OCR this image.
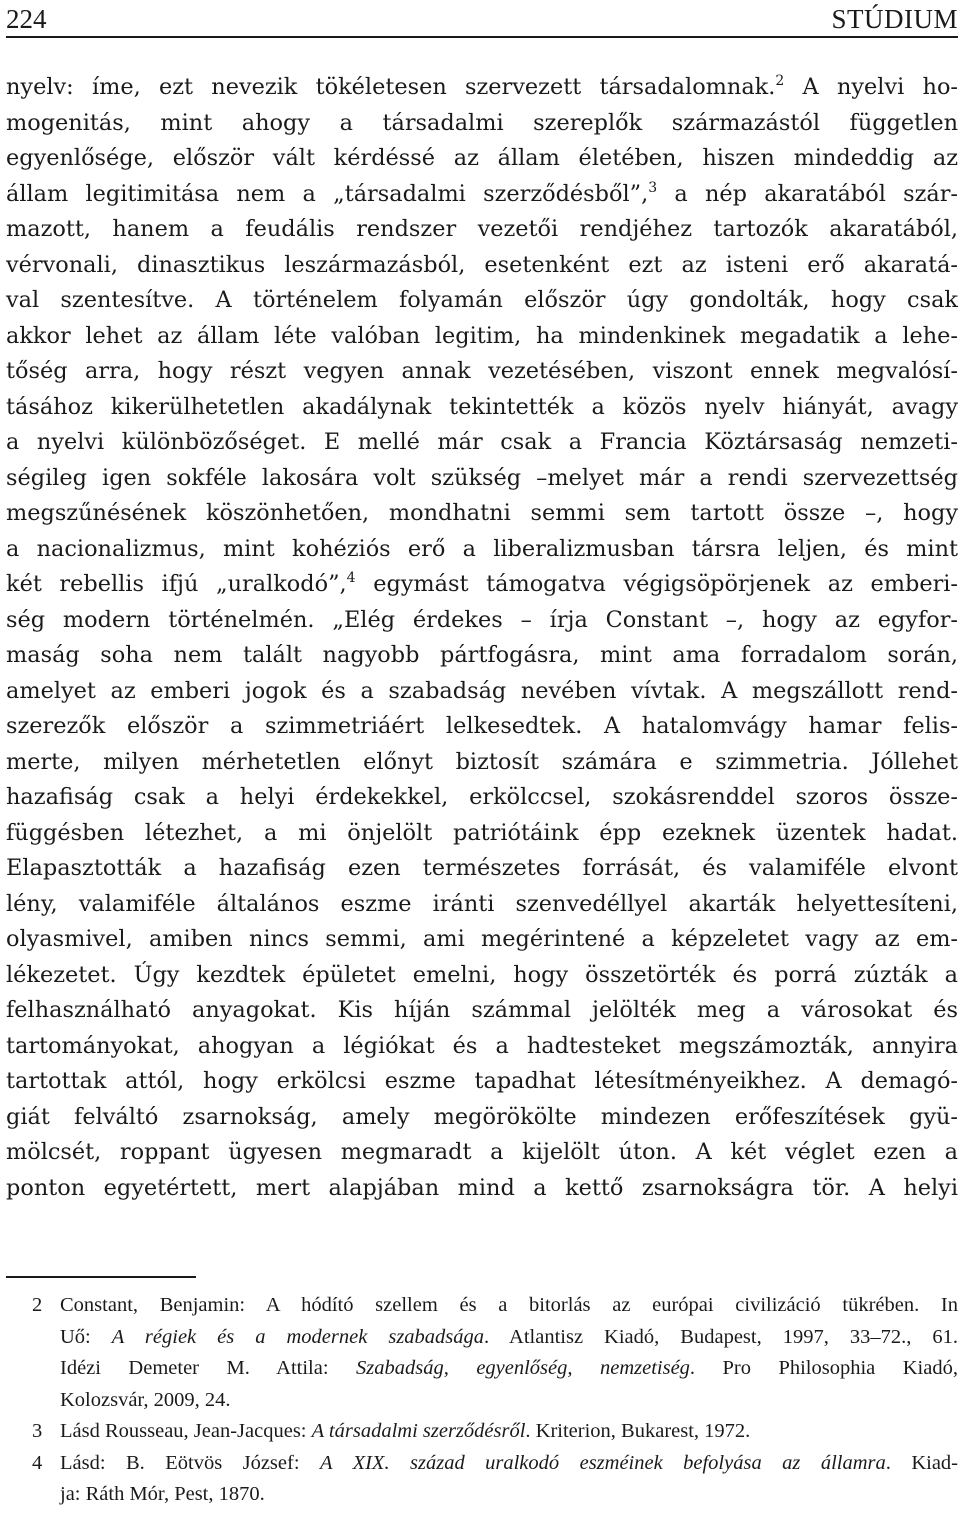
224	STÚDIUM
nyelv: íme, ezt nevezik tökéletesen szervezett társadalomnak.$^2$ A nyelvi ho-
mogenitás, mint ahogy a társadalmi szereplők származástól független
egyenlősége, először vált kérdéssé az állam életében, hiszen mindeddig az
állam legitimitása nem a „társadalmi szerződésből”,$^3$ a nép akaratából szár-
mazott, hanem a feudális rendszer vezetői rendjéhez tartozók akaratából,
vérvonali, dinasztikus leszármazásból, esetenként ezt az isteni erő akaratá-
val szentesítve. A történelem folyamán először úgy gondolták, hogy csak
akkor lehet az állam léte valóban legitim, ha mindenkinek megadatik a lehe-
tőség arra, hogy részt vegyen annak vezetésében, viszont ennek megvalósí-
tásához kikerülhetetlen akadálynak tekintették a közös nyelv hiányát, avagy
a nyelvi különbözőséget. E mellé már csak a Francia Köztársaság nemzeti-
ségileg igen sokféle lakosára volt szükség –melyet már a rendi szervezettség
megszűnésének köszönhetően, mondhatni semmi sem tartott össze –, hogy
a nacionalizmus, mint kohéziós erő a liberalizmusban társra leljen, és mint
két rebellis ifjú „uralkodó”,$^4$ egymást támogatva végigsöpörjenek az emberi-
ség modern történelmén. „Elég érdekes – írja Constant –, hogy az egyfor-
maság soha nem talált nagyobb pártfogásra, mint ama forradalom során,
amelyet az emberi jogok és a szabadság nevében vívtak. A megszállott rend-
szerezők először a szimmetriáért lelkesedtek. A hatalomvágy hamar felis-
merte, milyen mérhetetlen előnyt biztosít számára e szimmetria. Jóllehet
hazafiság csak a helyi érdekekkel, erkölccsel, szokásrenddel szoros össze-
függésben létezhet, a mi önjelölt patriótáink épp ezeknek üzentek hadat.
Elapasztották a hazafiság ezen természetes forrását, és valamiféle elvont
lény, valamiféle általános eszme iránti szenvedéllyel akarták helyettesíteni,
olyasmivel, amiben nincs semmi, ami megérintené a képzeletet vagy az em-
lékezetet. Úgy kezdtek épületet emelni, hogy összetörték és porrá zúzták a
felhasználható anyagokat. Kis híján számmal jelölték meg a városokat és
tartományokat, ahogyan a légiókat és a hadtesteket megszámozták, annyira
tartottak attól, hogy erkölcsi eszme tapadhat létesítményeikhez. A demagó-
giát felváltó zsarnokság, amely megörökölte mindezen erőfeszítések gyü-
mölcsét, roppant ügyesen megmaradt a kijelölt úton. A két véglet ezen a
ponton egyetértett, mert alapjában mind a kettő zsarnokságra tör. A helyi
2 Constant, Benjamin: A hódító szellem és a bitorlás az európai civilizáció tükrében. In
Uő: A régiek és a modernek szabadsága. Atlantisz Kiadó, Budapest, 1997, 33–72., 61.
Idézi Demeter M. Attila: Szabadság, egyenlőség, nemzetiség. Pro Philosophia Kiadó,
Kolozsvár, 2009, 24.
3 Lásd Rousseau, Jean-Jacques: A társadalmi szerződésről. Kriterion, Bukarest, 1972.
4 Lásd: B. Eötvös József: A XIX. század uralkodó eszméinek befolyása az államra. Kiad-
ja: Ráth Mór, Pest, 1870.
